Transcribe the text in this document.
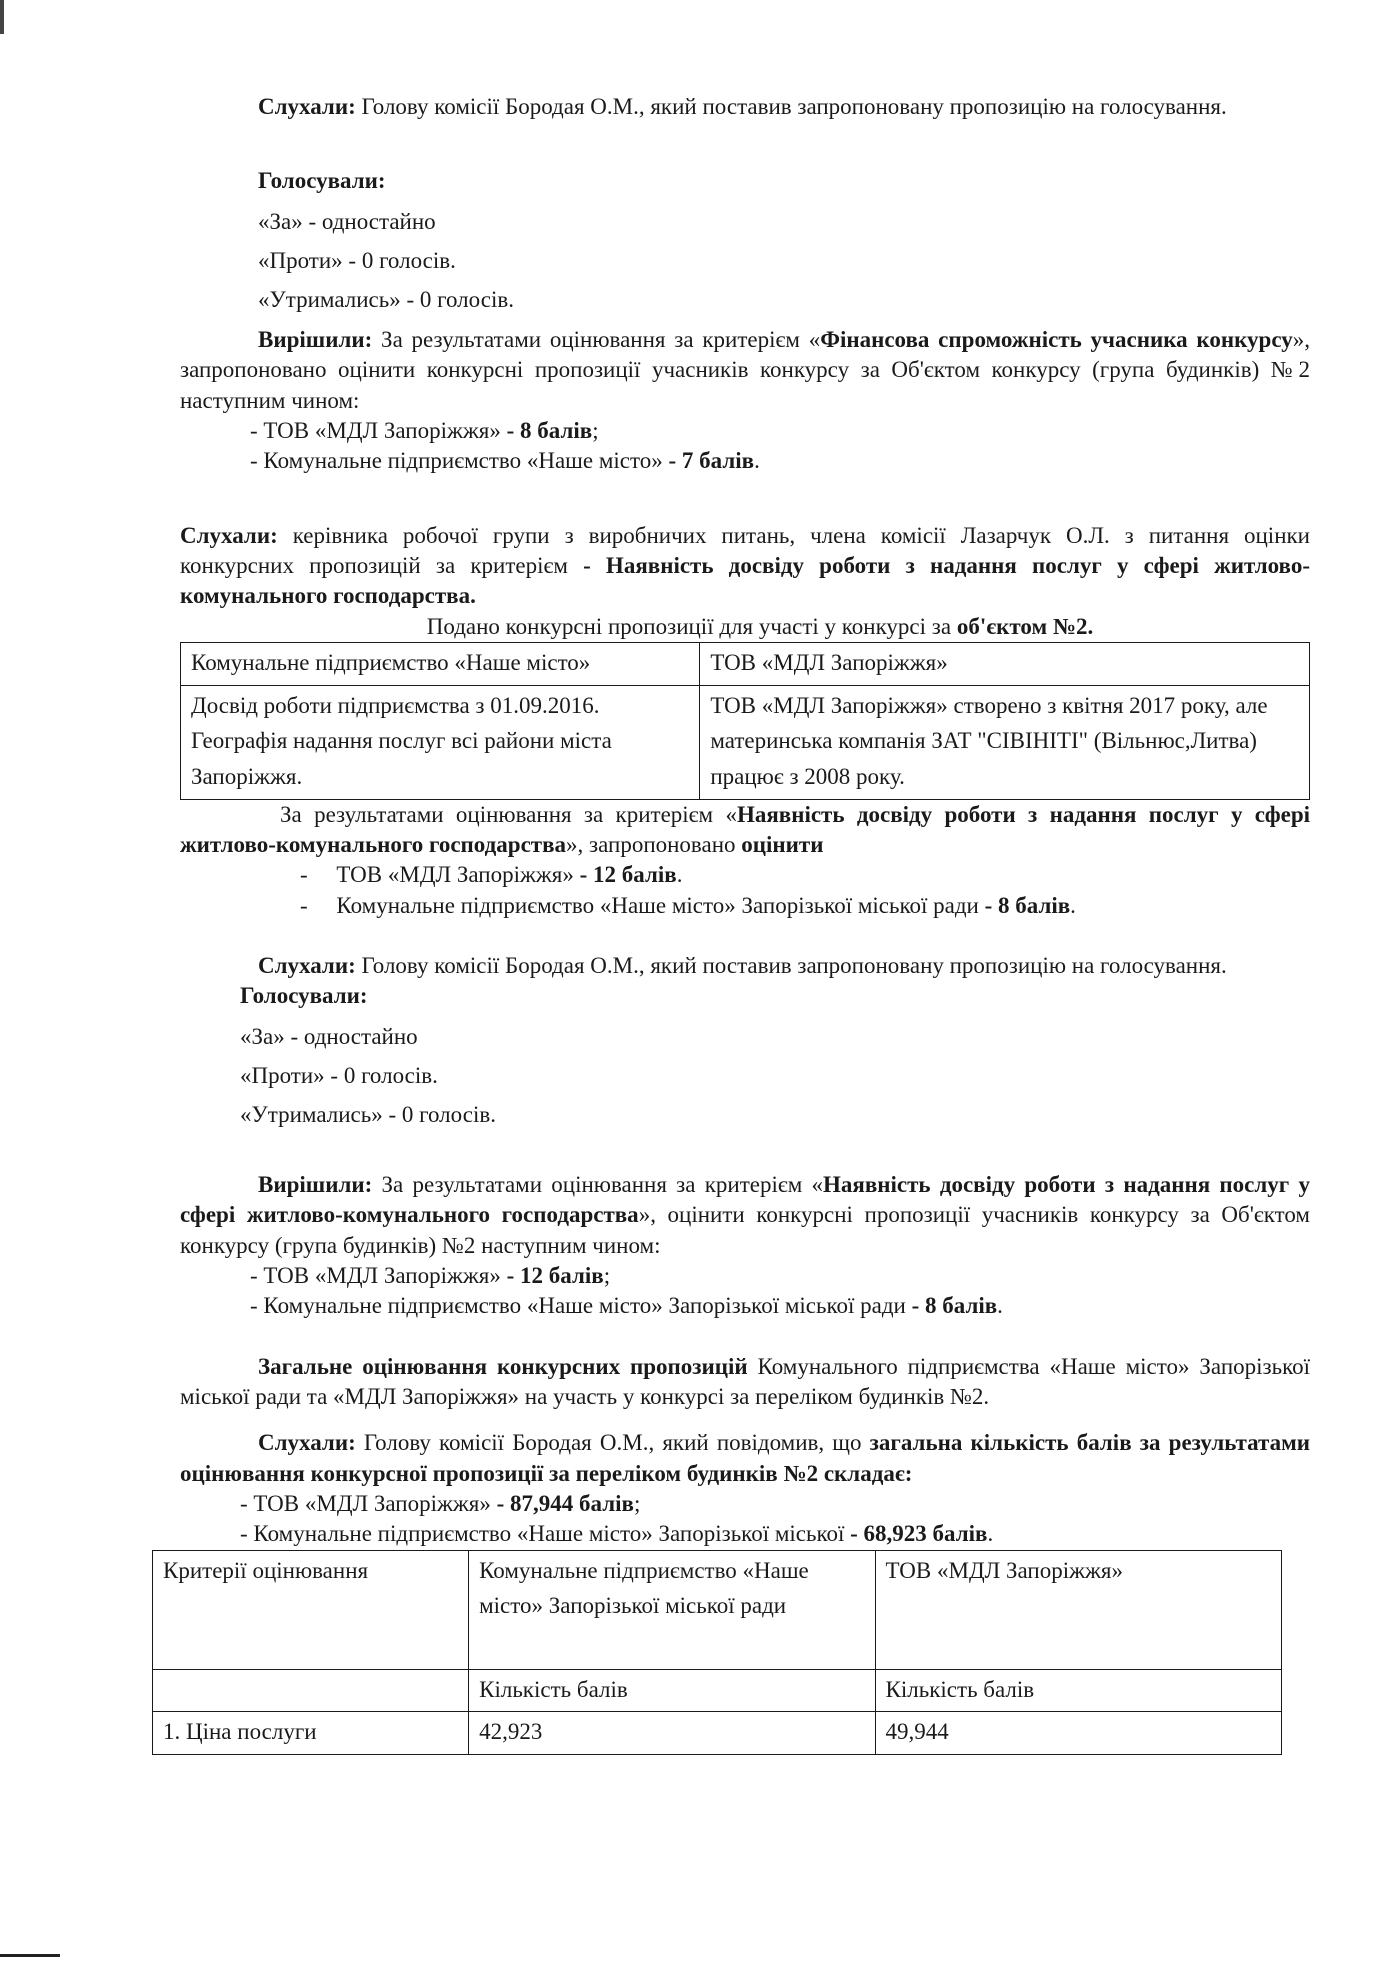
Слухали: Голову комісії Бородая О.М., який поставив запропоновану пропозицію на голосування.

Голосували:
«За» - одностайно
«Проти» - 0 голосів.
«Утримались» - 0 голосів.

Вирішили: За результатами оцінювання за критерієм «Фінансова спроможність учасника конкурсу», запропоновано оцінити конкурсні пропозиції учасників конкурсу за Об'єктом конкурсу (група будинків) №2 наступним чином:

- ТОВ «МДЛ Запоріжжя» - 8 балів;
- Комунальне підприємство «Наше місто» - 7 балів.

Слухали: керівника робочої групи з виробничих питань, члена комісії Лазарчук О.Л. з питання оцінки конкурсних пропозицій за критерієм - Наявність досвіду роботи з надання послуг у сфері житлово-комунального господарства.

Подано конкурсні пропозиції для участі у конкурсі за об'єктом №2.
Комунальне підприємство «Наше місто»	ТОВ «МДЛ Запоріжжя»
Досвід роботи підприємства з 01.09.2016. Географія надання послуг всі райони міста Запоріжжя.	ТОВ «МДЛ Запоріжжя» створено з квітня 2017 року, але материнська компанія ЗАТ "СІВІНІТІ" (Вільнюс,Литва) працює з 2008 року.

За результатами оцінювання за критерієм «Наявність досвіду роботи з надання послуг у сфері житлово-комунального господарства», запропоновано оцінити

-     ТОВ «МДЛ Запоріжжя» - 12 балів.
-     Комунальне підприємство «Наше місто» Запорізької міської ради - 8 балів.

Слухали: Голову комісії Бородая О.М., який поставив запропоновану пропозицію на голосування.

Голосували:
«За» - одностайно
«Проти» - 0 голосів.
«Утримались» - 0 голосів.

Вирішили: За результатами оцінювання за критерієм «Наявність досвіду роботи з надання послуг у сфері житлово-комунального господарства», оцінити конкурсні пропозиції учасників конкурсу за Об'єктом конкурсу (група будинків) №2 наступним чином:

- ТОВ «МДЛ Запоріжжя» - 12 балів;
- Комунальне підприємство «Наше місто» Запорізької міської ради - 8 балів.

Загальне оцінювання конкурсних пропозицій Комунального підприємства «Наше місто» Запорізької міської ради та «МДЛ Запоріжжя» на участь у конкурсі за переліком будинків №2.

Слухали: Голову комісії Бородая О.М., який повідомив, що загальна кількість балів за результатами оцінювання конкурсної пропозиції за переліком будинків №2 складає:

- ТОВ «МДЛ Запоріжжя» - 87,944 балів;
- Комунальне підприємство «Наше місто» Запорізької міської - 68,923 балів.
Критерії оцінювання	Комунальне підприємство «Наше місто» Запорізької міської ради	ТОВ «МДЛ Запоріжжя»
	Кількість балів	Кількість балів
1. Ціна послуги	42,923	49,944
